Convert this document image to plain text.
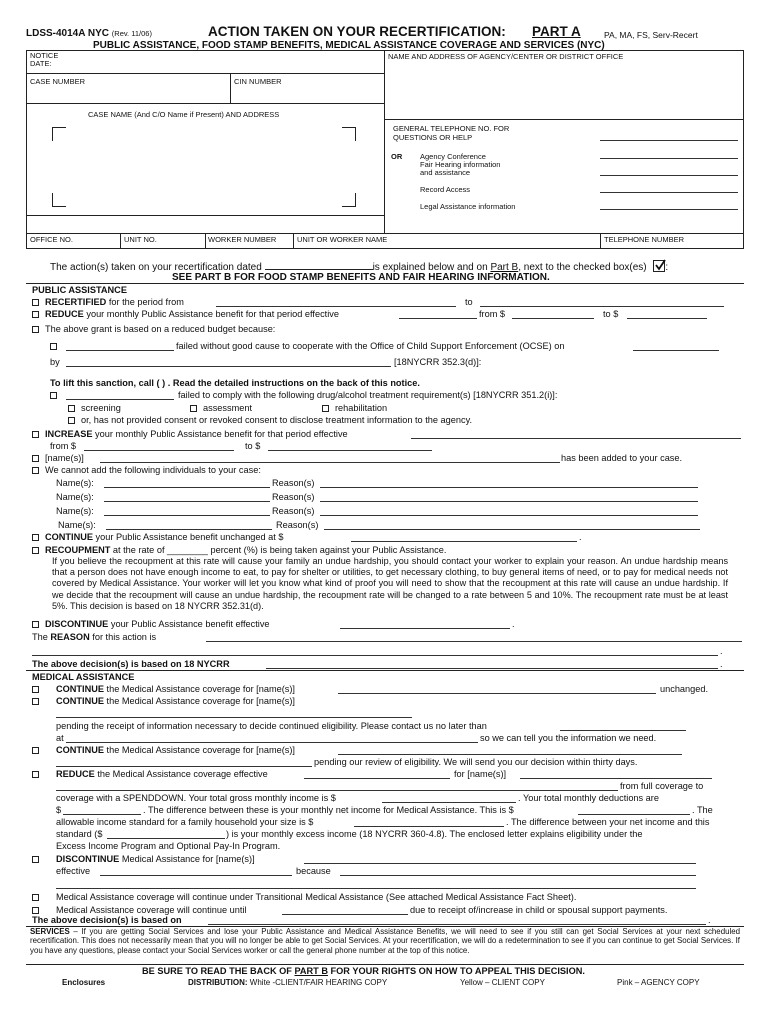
LDSS-4014A NYC (Rev. 11/06)	ACTION TAKEN ON YOUR RECERTIFICATION: PART A	PA, MA, FS, Serv-Recert
PUBLIC ASSISTANCE, FOOD STAMP BENEFITS, MEDICAL ASSISTANCE COVERAGE AND SERVICES (NYC)
NOTICE
DATE:
NAME AND ADDRESS OF AGENCY/CENTER OR DISTRICT OFFICE
CASE NUMBER	CIN NUMBER
CASE NAME (And C/O Name if Present) AND ADDRESS
GENERAL TELEPHONE NO. FOR
QUESTIONS OR HELP
OR Agency Conference
Fair Hearing information
and assistance
Record Access
Legal Assistance information
OFFICE NO.	UNIT NO.	WORKER NUMBER	UNIT OR WORKER NAME	TELEPHONE NUMBER
The action(s) taken on your recertification dated	is explained below and on Part B, next to the checked box(es) :
SEE PART B FOR FOOD STAMP BENEFITS AND FAIR HEARING INFORMATION.
PUBLIC ASSISTANCE
RECERTIFIED for the period from	to
REDUCE your monthly Public Assistance benefit for that period effective	from $	to $
The above grant is based on a reduced budget because:
failed without good cause to cooperate with the Office of Child Support Enforcement (OCSE) on
by	[18NYCRR 352.3(d)]:
To lift this sanction, call ( ) . Read the detailed instructions on the back of this notice.
failed to comply with the following drug/alcohol treatment requirement(s) [18NYCRR 351.2(i)]:
screening	assessment	rehabilitation
or, has not provided consent or revoked consent to disclose treatment information to the agency.
INCREASE your monthly Public Assistance benefit for that period effective
from $	to $
[name(s)]	has been added to your case.
We cannot add the following individuals to your case:
Name(s):	Reason(s)
Name(s):	Reason(s)
Name(s):	Reason(s)
Name(s):	Reason(s)
CONTINUE your Public Assistance benefit unchanged at $	.
RECOUPMENT at the rate of ________ percent (%) is being taken against your Public Assistance.
If you believe the recoupment at this rate will cause your family an undue hardship, you should contact your worker to explain your reason. An undue hardship means that a person does not have enough income to eat, to pay for shelter or utilities, to get necessary clothing, to buy general items of need, or to pay for medical needs not covered by Medical Assistance. Your worker will let you know what kind of proof you will need to show that the recoupment at this rate will cause an undue hardship. If we decide that the recoupment will cause an undue hardship, the recoupment rate will be changed to a rate between 5 and 10%. The recoupment rate must be at least 5%. This decision is based on 18 NYCRR 352.31(d).
DISCONTINUE your Public Assistance benefit effective	.
The REASON for this action is
.
The above decision(s) is based on 18 NYCRR	.
MEDICAL ASSISTANCE
CONTINUE the Medical Assistance coverage for [name(s)]	unchanged.
CONTINUE the Medical Assistance coverage for [name(s)]
pending the receipt of information necessary to decide continued eligibility. Please contact us no later than
at	so we can tell you the information we need.
CONTINUE the Medical Assistance coverage for [name(s)]
pending our review of eligibility. We will send you our decision within thirty days.
REDUCE the Medical Assistance coverage effective	for [name(s)]
from full coverage to
coverage with a SPENDDOWN. Your total gross monthly income is $	. Your total monthly deductions are
$	. The difference between these is your monthly net income for Medical Assistance. This is $	. The
allowable income standard for a family household your size is $	. The difference between your net income and this
standard ($	) is your monthly excess income (18 NYCRR 360-4.8). The enclosed letter explains eligibility under the
Excess Income Program and Optional Pay-In Program.
DISCONTINUE Medical Assistance for [name(s)]
effective	because
Medical Assistance coverage will continue under Transitional Medical Assistance (See attached Medical Assistance Fact Sheet).
Medical Assistance coverage will continue until	due to receipt of/increase in child or spousal support payments.
The above decision(s) is based on	.
SERVICES – If you are getting Social Services and lose your Public Assistance and Medical Assistance Benefits, we will need to see if you still can get Social Services at your next scheduled recertification. This does not necessarily mean that you will no longer be able to get Social Services. At your recertification, we will do a redetermination to see if you can continue to get Social Services. If you have any questions, please contact your Social Services worker or call the general phone number at the top of this notice.
BE SURE TO READ THE BACK OF PART B FOR YOUR RIGHTS ON HOW TO APPEAL THIS DECISION.
Enclosures	DISTRIBUTION: White -CLIENT/FAIR HEARING COPY	Yellow – CLIENT COPY	Pink – AGENCY COPY
